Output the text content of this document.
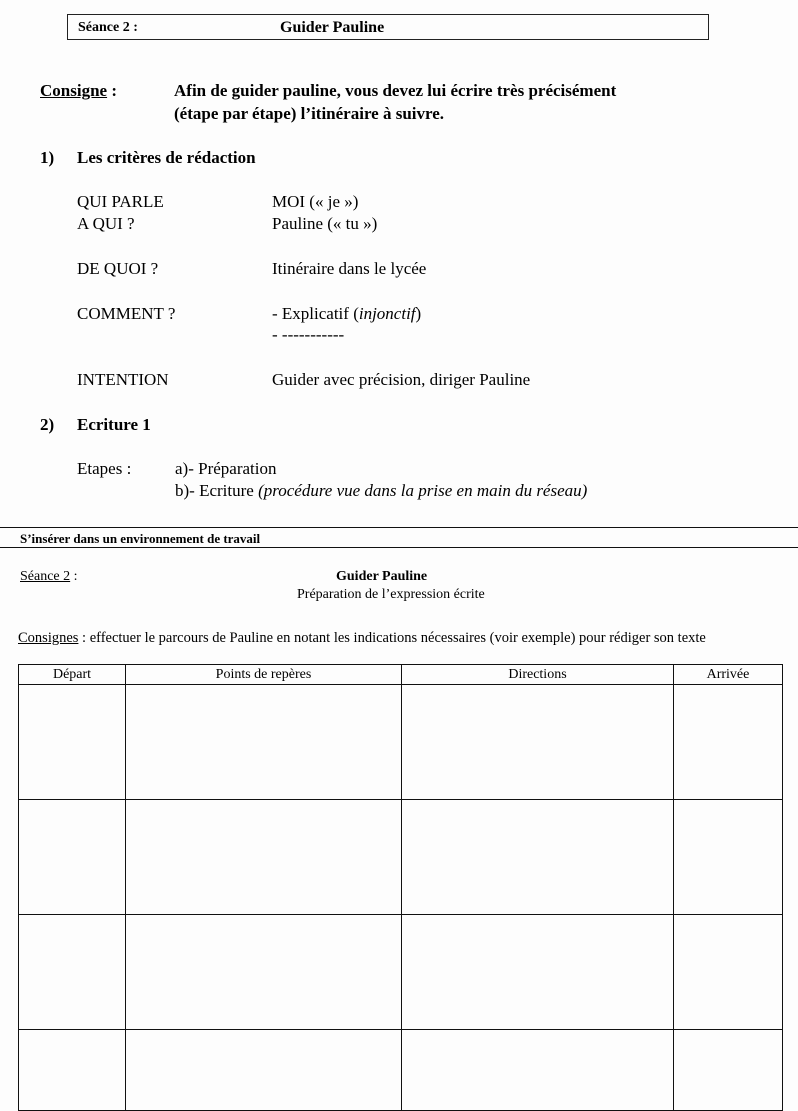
Séance 2 :	Guider Pauline
Consigne :	Afin de guider pauline, vous devez lui écrire très précisément
(étape par étape) l’itinéraire à suivre.
1) Les critères de rédaction
QUI PARLE	MOI (« je »)
A QUI ?	Pauline (« tu »)
DE QUOI ?	Itinéraire dans le lycée
COMMENT ?	- Explicatif (injonctif)
- -----------
INTENTION	Guider avec précision, diriger Pauline
2) Ecriture 1
Etapes :	a)- Préparation
b)- Ecriture (procédure vue dans la prise en main du réseau)
S’insérer dans un environnement de travail
Séance 2 :	Guider Pauline
Préparation de l’expression écrite
Consignes : effectuer le parcours de Pauline en notant les indications nécessaires (voir exemple) pour rédiger son texte
Départ	Points de repères	Directions	Arrivée
